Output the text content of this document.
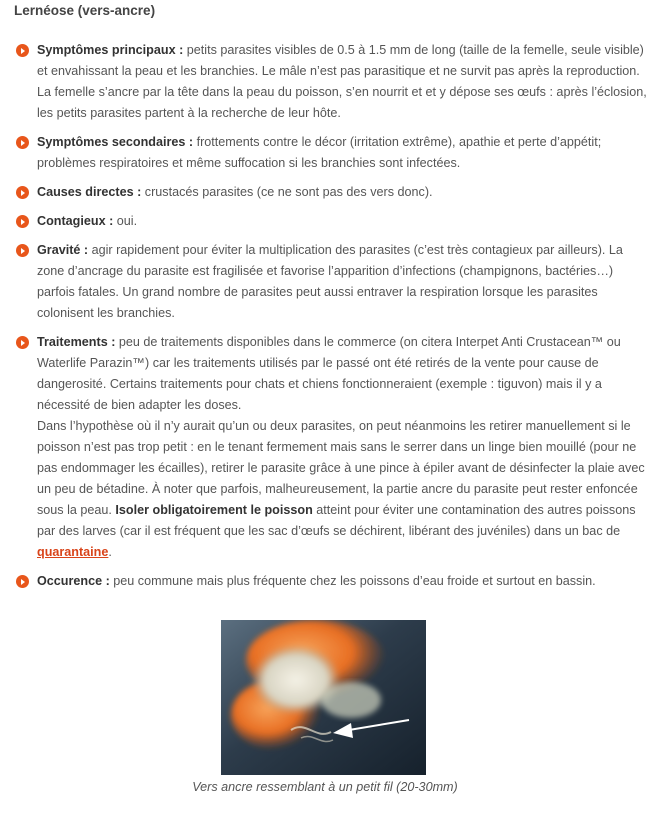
Lernéose (vers-ancre)
Symptômes principaux : petits parasites visibles de 0.5 à 1.5 mm de long (taille de la femelle, seule visible) et envahissant la peau et les branchies. Le mâle n’est pas parasitique et ne survit pas après la reproduction. La femelle s’ancre par la tête dans la peau du poisson, s’en nourrit et et y dépose ses œufs : après l’éclosion, les petits parasites partent à la recherche de leur hôte.
Symptômes secondaires : frottements contre le décor (irritation extrême), apathie et perte d’appétit; problèmes respiratoires et même suffocation si les branchies sont infectées.
Causes directes : crustacés parasites (ce ne sont pas des vers donc).
Contagieux : oui.
Gravité : agir rapidement pour éviter la multiplication des parasites (c’est très contagieux par ailleurs). La zone d’ancrage du parasite est fragilisée et favorise l’apparition d’infections (champignons, bactéries…) parfois fatales. Un grand nombre de parasites peut aussi entraver la respiration lorsque les parasites colonisent les branchies.
Traitements : peu de traitements disponibles dans le commerce (on citera Interpet Anti Crustacean™ ou Waterlife Parazin™) car les traitements utilisés par le passé ont été retirés de la vente pour cause de dangerosité. Certains traitements pour chats et chiens fonctionneraient (exemple : tiguvon) mais il y a nécessité de bien adapter les doses.
Dans l’hypothèse où il n’y aurait qu’un ou deux parasites, on peut néanmoins les retirer manuellement si le poisson n’est pas trop petit : en le tenant fermement mais sans le serrer dans un linge bien mouillé (pour ne pas endommager les écailles), retirer le parasite grâce à une pince à épiler avant de désinfecter la plaie avec un peu de bétadine. À noter que parfois, malheureusement, la partie ancre du parasite peut rester enfoncée sous la peau. Isoler obligatoirement le poisson atteint pour éviter une contamination des autres poissons par des larves (car il est fréquent que les sac d’œufs se déchirent, libérant des juvéniles) dans un bac de quarantaine.
Occurence : peu commune mais plus fréquente chez les poissons d’eau froide et surtout en bassin.
Vers ancre ressemblant à un petit fil (20-30mm)
